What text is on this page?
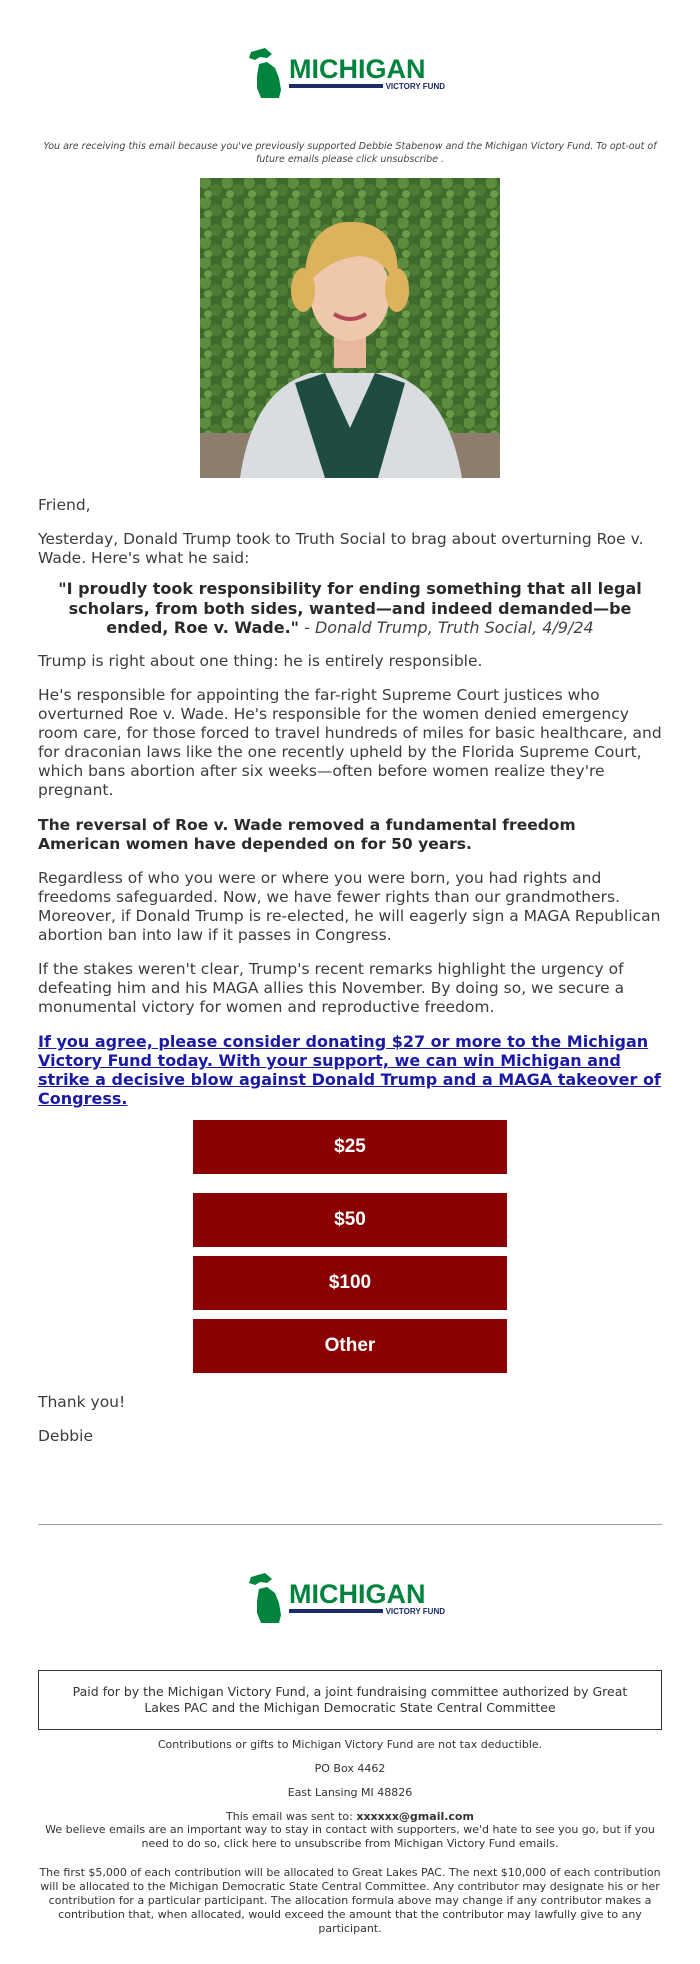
MICHIGAN
VICTORY FUND
You are receiving this email because you've previously supported Debbie Stabenow and the Michigan Victory Fund. To opt-out of future emails please click unsubscribe .
Friend,
Yesterday, Donald Trump took to Truth Social to brag about overturning Roe v. Wade. Here's what he said:
"I proudly took responsibility for ending something that all legal scholars, from both sides, wanted—and indeed demanded—be ended, Roe v. Wade." - Donald Trump, Truth Social, 4/9/24
Trump is right about one thing: he is entirely responsible.
He's responsible for appointing the far-right Supreme Court justices who overturned Roe v. Wade. He's responsible for the women denied emergency room care, for those forced to travel hundreds of miles for basic healthcare, and for draconian laws like the one recently upheld by the Florida Supreme Court, which bans abortion after six weeks—often before women realize they're pregnant.
The reversal of Roe v. Wade removed a fundamental freedom American women have depended on for 50 years.
Regardless of who you were or where you were born, you had rights and freedoms safeguarded. Now, we have fewer rights than our grandmothers. Moreover, if Donald Trump is re-elected, he will eagerly sign a MAGA Republican abortion ban into law if it passes in Congress.
If the stakes weren't clear, Trump's recent remarks highlight the urgency of defeating him and his MAGA allies this November. By doing so, we secure a monumental victory for women and reproductive freedom.
If you agree, please consider donating $27 or more to the Michigan Victory Fund today. With your support, we can win Michigan and strike a decisive blow against Donald Trump and a MAGA takeover of Congress.
$25
$50
$100
Other
Thank you!
Debbie
MICHIGAN
VICTORY FUND
Paid for by the Michigan Victory Fund, a joint fundraising committee authorized by Great Lakes PAC and the Michigan Democratic State Central Committee
Contributions or gifts to Michigan Victory Fund are not tax deductible.
PO Box 4462
East Lansing MI 48826
This email was sent to: xxxxxx@gmail.com
We believe emails are an important way to stay in contact with supporters, we'd hate to see you go, but if you need to do so, click here to unsubscribe from Michigan Victory Fund emails.
The first $5,000 of each contribution will be allocated to Great Lakes PAC. The next $10,000 of each contribution will be allocated to the Michigan Democratic State Central Committee. Any contributor may designate his or her contribution for a particular participant. The allocation formula above may change if any contributor makes a contribution that, when allocated, would exceed the amount that the contributor may lawfully give to any participant.
